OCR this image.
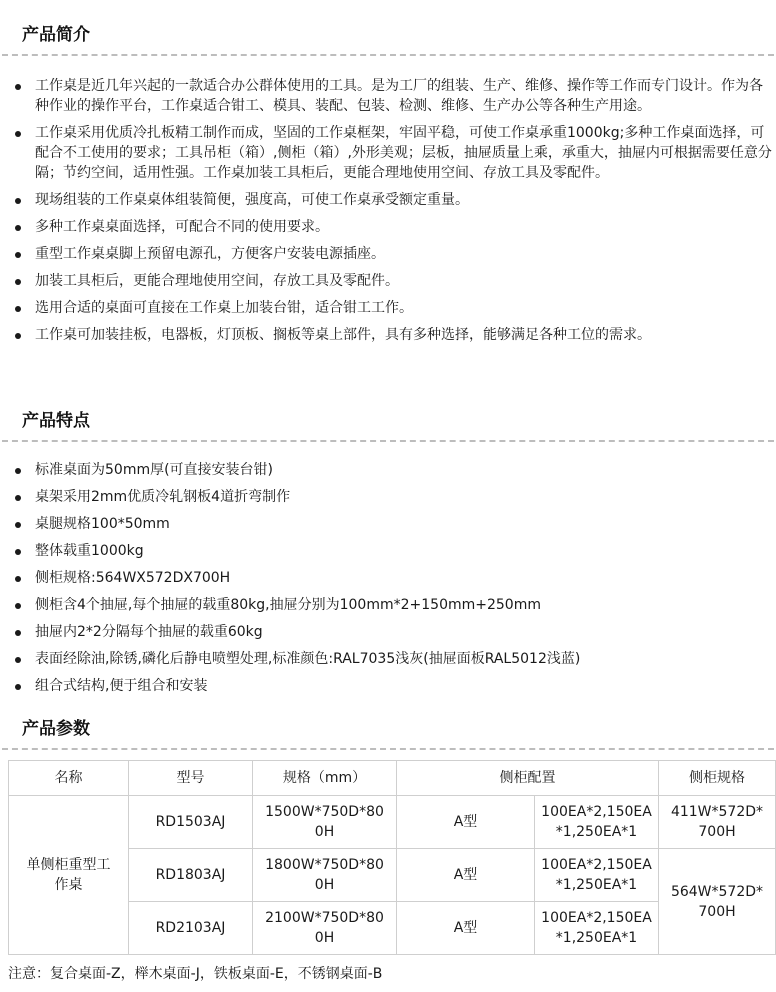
产品简介
工作桌是近几年兴起的一款适合办公群体使用的工具。是为工厂的组装、生产、维修、操作等工作而专门设计。作为各种作业的操作平台，工作桌适合钳工、模具、装配、包装、检测、维修、生产办公等各种生产用途。
工作桌采用优质冷扎板精工制作而成，坚固的工作桌框架，牢固平稳，可使工作桌承重1000kg;多种工作桌面选择，可配合不工使用的要求；工具吊柜（箱）,侧柜（箱）,外形美观；层板，抽屉质量上乘，承重大，抽屉内可根据需要任意分隔；节约空间，适用性强。工作桌加装工具柜后，更能合理地使用空间、存放工具及零配件。
现场组装的工作桌桌体组装简便，强度高，可使工作桌承受额定重量。
多种工作桌桌面选择，可配合不同的使用要求。
重型工作桌桌脚上预留电源孔，方便客户安装电源插座。
加装工具柜后，更能合理地使用空间，存放工具及零配件。
选用合适的桌面可直接在工作桌上加装台钳，适合钳工工作。
工作桌可加装挂板，电器板，灯顶板、搁板等桌上部件，具有多种选择，能够满足各种工位的需求。
产品特点
标准桌面为50mm厚(可直接安装台钳)
桌架采用2mm优质冷轧钢板4道折弯制作
桌腿规格100*50mm
整体载重1000kg
侧柜规格:564WX572DX700H
侧柜含4个抽屉,每个抽屉的载重80kg,抽屉分别为100mm*2+150mm+250mm
抽屉内2*2分隔每个抽屉的载重60kg
表面经除油,除锈,磷化后静电喷塑处理,标准颜色:RAL7035浅灰(抽屉面板RAL5012浅蓝)
组合式结构,便于组合和安装
产品参数
名称	型号	规格（mm）	侧柜配置		侧柜规格
单侧柜重型工作桌	RD1503AJ	1500W*750D*800H	A型	100EA*2,150EA*1,250EA*1	411W*572D*700H
	RD1803AJ	1800W*750D*800H	A型	100EA*2,150EA*1,250EA*1	564W*572D*700H
	RD2103AJ	2100W*750D*800H	A型	100EA*2,150EA*1,250EA*1	
注意：复合桌面-Z，榉木桌面-J，铁板桌面-E，不锈钢桌面-B
